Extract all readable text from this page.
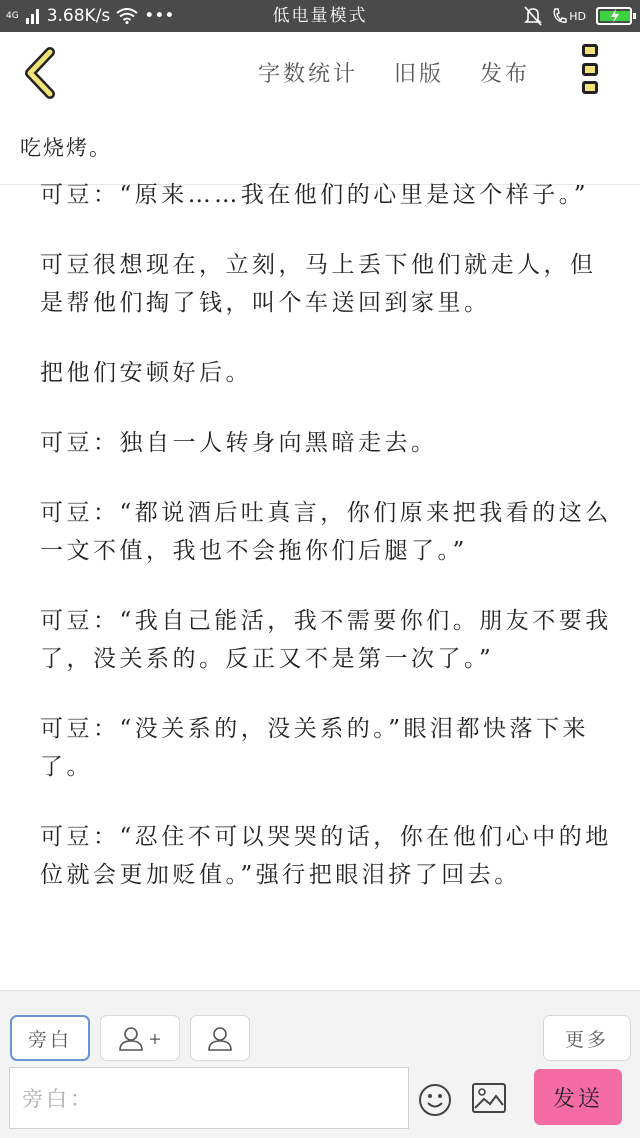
4G 3.68K/s •••	低电量模式	HD
字数统计 旧版 发布
吃烧烤。

可豆：“原来……我在他们的心里是这个样子。”

可豆很想现在，立刻，马上丢下他们就走人，但是帮他们掏了钱，叫个车送回到家里。

把他们安顿好后。

可豆：独自一人转身向黑暗走去。

可豆：“都说酒后吐真言，你们原来把我看的这么一文不值，我也不会拖你们后腿了。”

可豆：“我自己能活，我不需要你们。朋友不要我了，没关系的。反正又不是第一次了。”

可豆：“没关系的，没关系的。”眼泪都快落下来了。

可豆：“忍住不可以哭哭的话，你在他们心中的地位就会更加贬值。”强行把眼泪挤了回去。

旁白	+	更多
旁白：	发送
